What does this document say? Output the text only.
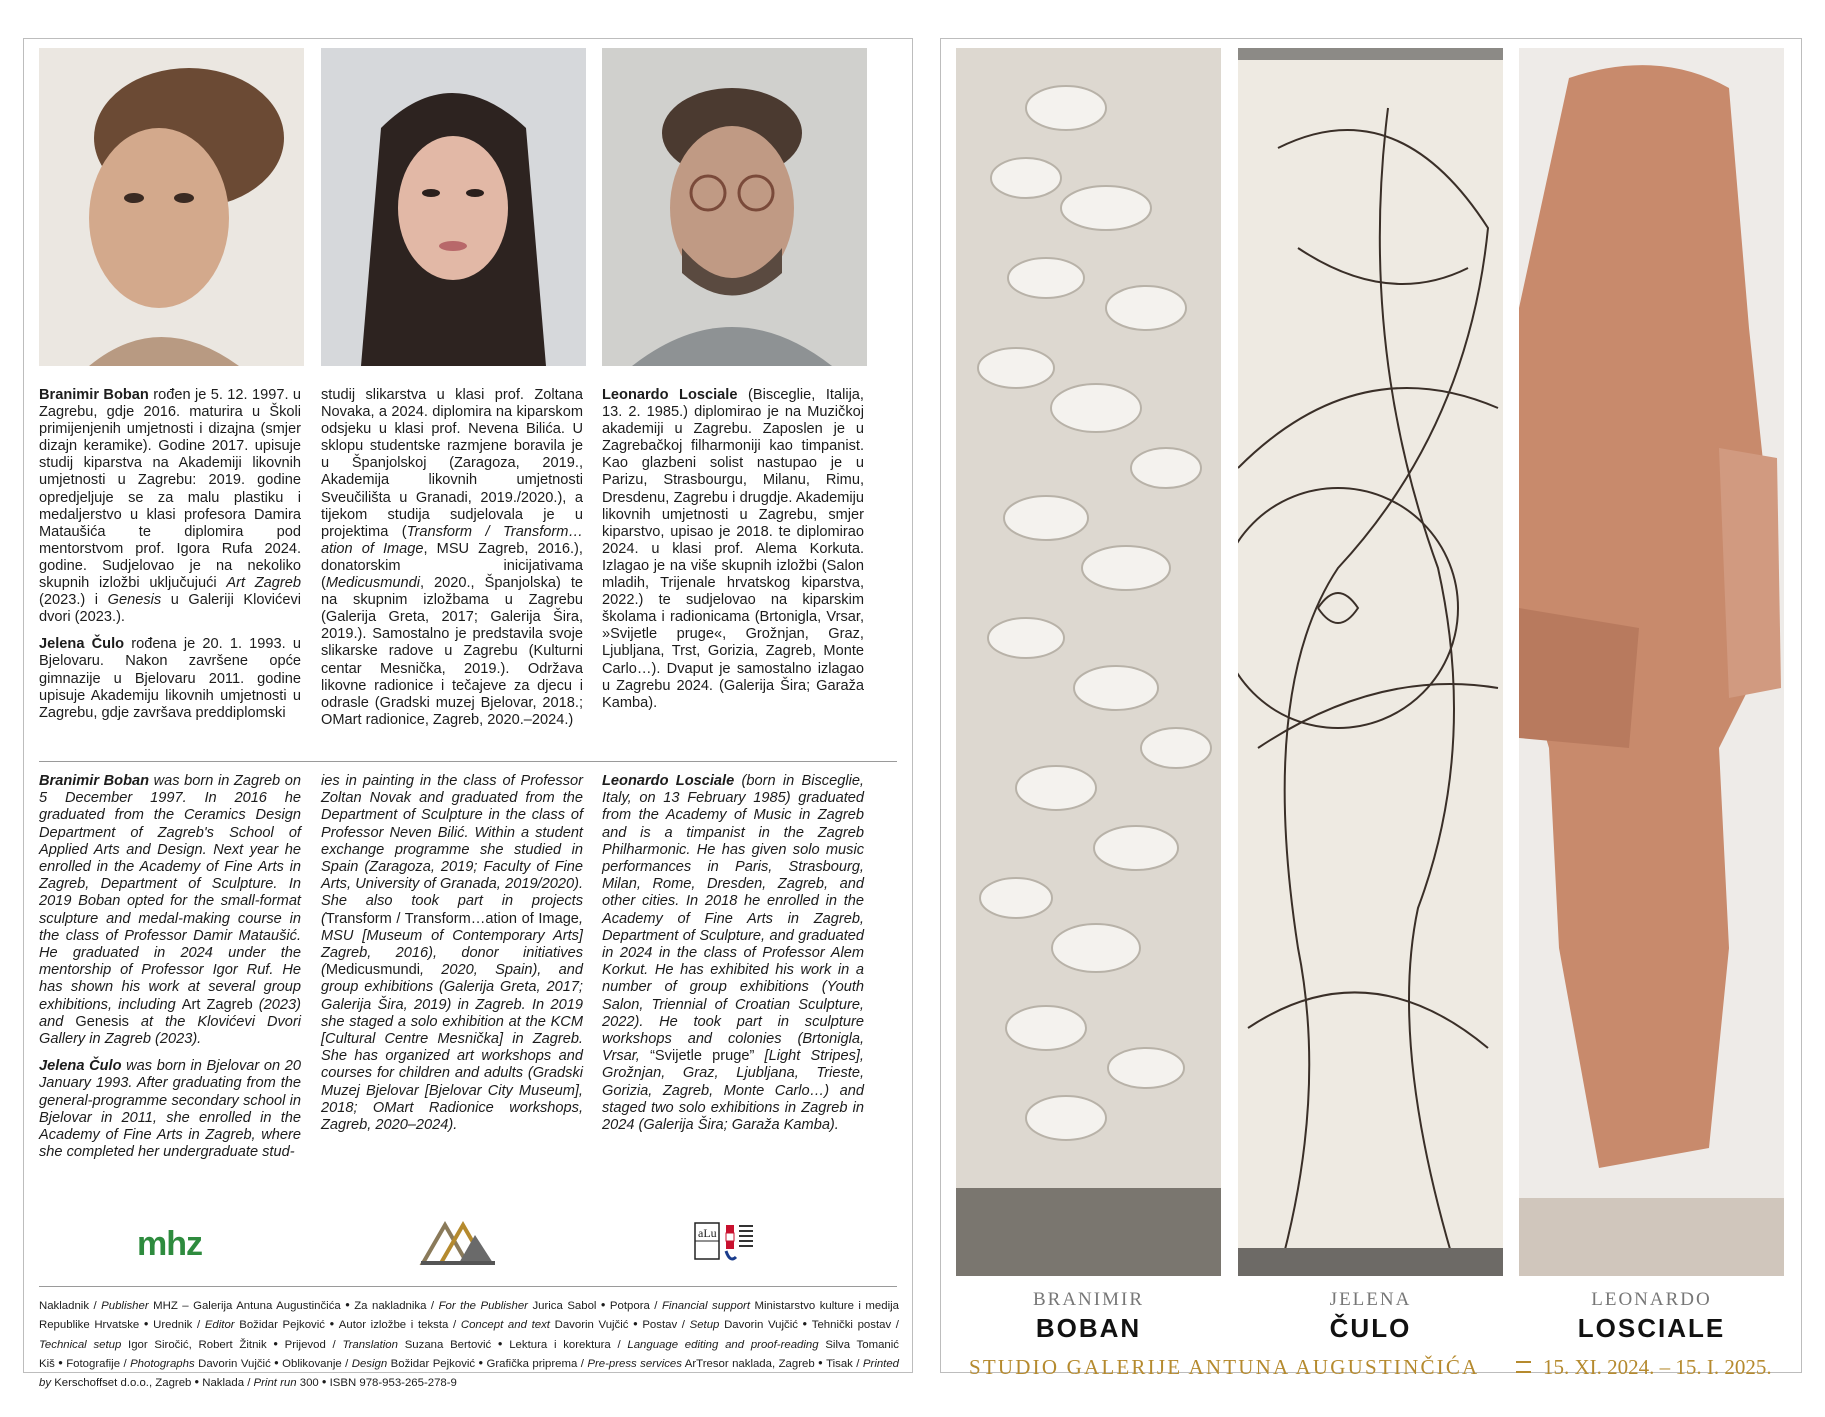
Branimir Boban rođen je 5. 12. 1997. u Zagrebu, gdje 2016. maturira u Školi primijenjenih umjetnosti i dizajna (smjer dizajn keramike). Godine 2017. upisuje studij kiparstva na Akademiji likovnih umjetnosti u Zagrebu: 2019. godine opredjeljuje se za malu plastiku i medaljerstvo u klasi profesora Damira Mataušića te diplomira pod mentorstvom prof. Igora Rufa 2024. godine. Sudjelovao je na nekoliko skupnih izložbi uključujući Art Zagreb (2023.) i Genesis u Galeriji Klovićevi dvori (2023.).

Jelena Čulo rođena je 20. 1. 1993. u Bjelovaru. Nakon završene opće gimnazije u Bjelovaru 2011. godine upisuje Akademiju likovnih umjetnosti u Zagrebu, gdje završava preddiplomski

studij slikarstva u klasi prof. Zoltana Novaka, a 2024. diplomira na kiparskom odsjeku u klasi prof. Nevena Bilića. U sklopu studentske razmjene boravila je u Španjolskoj (Zaragoza, 2019., Akademija likovnih umjetnosti Sveučilišta u Granadi, 2019./2020.), a tijekom studija sudjelovala je u projektima (Transform / Transform…ation of Image, MSU Zagreb, 2016.), donatorskim inicijativama (Medicusmundi, 2020., Španjolska) te na skupnim izložbama u Zagrebu (Galerija Greta, 2017; Galerija Šira, 2019.). Samostalno je predstavila svoje slikarske radove u Zagrebu (Kulturni centar Mesnička, 2019.). Održava likovne radionice i tečajeve za djecu i odrasle (Gradski muzej Bjelovar, 2018.; OMart radionice, Zagreb, 2020.–2024.)

Leonardo Losciale (Bisceglie, Italija, 13. 2. 1985.) diplomirao je na Muzičkoj akademiji u Zagrebu. Zaposlen je u Zagrebačkoj filharmoniji kao timpanist. Kao glazbeni solist nastupao je u Parizu, Strasbourgu, Milanu, Rimu, Dresdenu, Zagrebu i drugdje. Akademiju likovnih umjetnosti u Zagrebu, smjer kiparstvo, upisao je 2018. te diplomirao 2024. u klasi prof. Alema Korkuta. Izlagao je na više skupnih izložbi (Salon mladih, Trijenale hrvatskog kiparstva, 2022.) te sudjelovao na kiparskim školama i radionicama (Brtonigla, Vrsar, »Svijetle pruge«, Grožnjan, Graz, Ljubljana, Trst, Gorizia, Zagreb, Monte Carlo…). Dvaput je samostalno izlagao u Zagrebu 2024. (Galerija Šira; Garaža Kamba).

Branimir Boban was born in Zagreb on 5 December 1997. In 2016 he graduated from the Ceramics Design Department of Zagreb's School of Applied Arts and Design. Next year he enrolled in the Academy of Fine Arts in Zagreb, Department of Sculpture. In 2019 Boban opted for the small-format sculpture and medal-making course in the class of Professor Damir Mataušić. He graduated in 2024 under the mentorship of Professor Igor Ruf. He has shown his work at several group exhibitions, including Art Zagreb (2023) and Genesis at the Klovićevi Dvori Gallery in Zagreb (2023).

Jelena Čulo was born in Bjelovar on 20 January 1993. After graduating from the general-programme secondary school in Bjelovar in 2011, she enrolled in the Academy of Fine Arts in Zagreb, where she completed her undergraduate stud-

ies in painting in the class of Professor Zoltan Novak and graduated from the Department of Sculpture in the class of Professor Neven Bilić. Within a student exchange programme she studied in Spain (Zaragoza, 2019; Faculty of Fine Arts, University of Granada, 2019/2020). She also took part in projects (Transform / Transform…ation of Image, MSU [Museum of Contemporary Arts] Zagreb, 2016), donor initiatives (Medicusmundi, 2020, Spain), and group exhibitions (Galerija Greta, 2017; Galerija Šira, 2019) in Zagreb. In 2019 she staged a solo exhibition at the KCM [Cultural Centre Mesnička] in Zagreb. She has organized art workshops and courses for children and adults (Gradski Muzej Bjelovar [Bjelovar City Museum], 2018; OMart Radionice workshops, Zagreb, 2020–2024).

Leonardo Losciale (born in Bisceglie, Italy, on 13 February 1985) graduated from the Academy of Music in Zagreb and is a timpanist in the Zagreb Philharmonic. He has given solo music performances in Paris, Strasbourg, Milan, Rome, Dresden, Zagreb, and other cities. In 2018 he enrolled in the Academy of Fine Arts in Zagreb, Department of Sculpture, and graduated in 2024 in the class of Professor Alem Korkut. He has exhibited his work in a number of group exhibitions (Youth Salon, Triennial of Croatian Sculpture, 2022). He took part in sculpture workshops and colonies (Brtonigla, Vrsar, “Svijetle pruge” [Light Stripes], Grožnjan, Graz, Ljubljana, Trieste, Gorizia, Zagreb, Monte Carlo…) and staged two solo exhibitions in Zagreb in 2024 (Galerija Šira; Garaža Kamba).

mhz	aLu
Nakladnik / Publisher MHZ – Galerija Antuna Augustinčića ● Za nakladnika / For the Publisher Jurica Sabol ● Potpora / Financial support Ministarstvo kulture i medija Republike Hrvatske ● Urednik / Editor Božidar Pejković ● Autor izložbe i teksta / Concept and text Davorin Vujčić ● Postav / Setup Davorin Vujčić ● Tehnički postav / Technical setup Igor Siročić, Robert Žitnik ● Prijevod / Translation Suzana Bertović ● Lektura i korektura / Language editing and proof-reading Silva Tomanić Kiš ● Fotografije / Photographs Davorin Vujčić ● Oblikovanje / Design Božidar Pejković ● Grafička priprema / Pre-press services ArTresor naklada, Zagreb ● Tisak / Printed by Kerschoffset d.o.o., Zagreb ● Naklada / Print run 300 ● ISBN 978-953-265-278-9
BRANIMIR
BOBAN
JELENA
ČULO
LEONARDO
LOSCIALE
STUDIO GALERIJE ANTUNA AUGUSTINČIĆA	15. XI. 2024. – 15. I. 2025.
